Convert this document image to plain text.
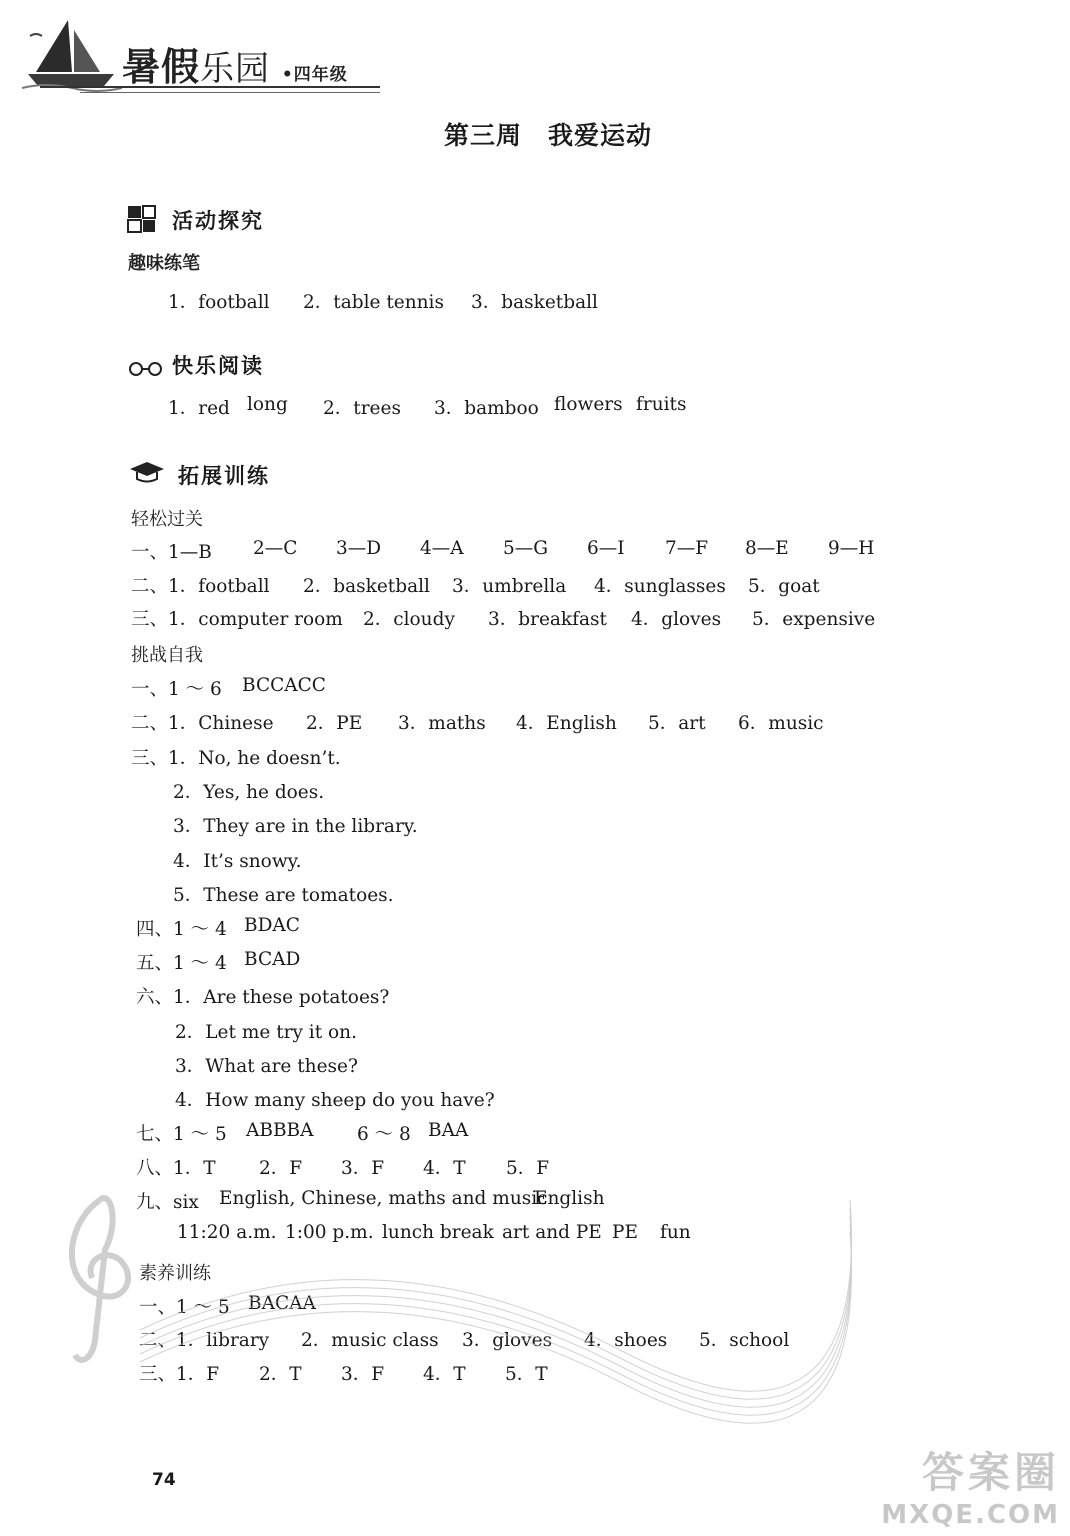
暑假乐园 •四年级
第三周　我爱运动
活动探究
趣味练笔
1．football 2．table tennis 3．basketball
快乐阅读
1．red long 2．trees 3．bamboo flowers fruits
拓展训练
轻松过关
一、1—B 2—C 3—D 4—A 5—G 6—I 7—F 8—E 9—H
二、1．football 2．basketball 3．umbrella 4．sunglasses 5．goat
三、1．computer room 2．cloudy 3．breakfast 4．gloves 5．expensive
挑战自我
一、1 ～ 6 BCCACC
二、1．Chinese 2．PE 3．maths 4．English 5．art 6．music
三、1．No, he doesn’t.
2．Yes, he does.
3．They are in the library.
4．It’s snowy.
5．These are tomatoes.
四、1 ～ 4 BDAC
五、1 ～ 4 BCAD
六、1．Are these potatoes?
2．Let me try it on.
3．What are these?
4．How many sheep do you have?
七、1 ～ 5 ABBBA 6 ～ 8 BAA
八、1．T 2．F 3．F 4．T 5．F
九、six English, Chinese, maths and music
English
11:20 a.m. 1:00 p.m. lunch break art and PE PE fun
素养训练
一、1 ～ 5 BACAA
二、1．library 2．music class 3．gloves 4．shoes 5．school
三、1．F 2．T 3．F 4．T 5．T
74	答案圈
MXQE.COM
